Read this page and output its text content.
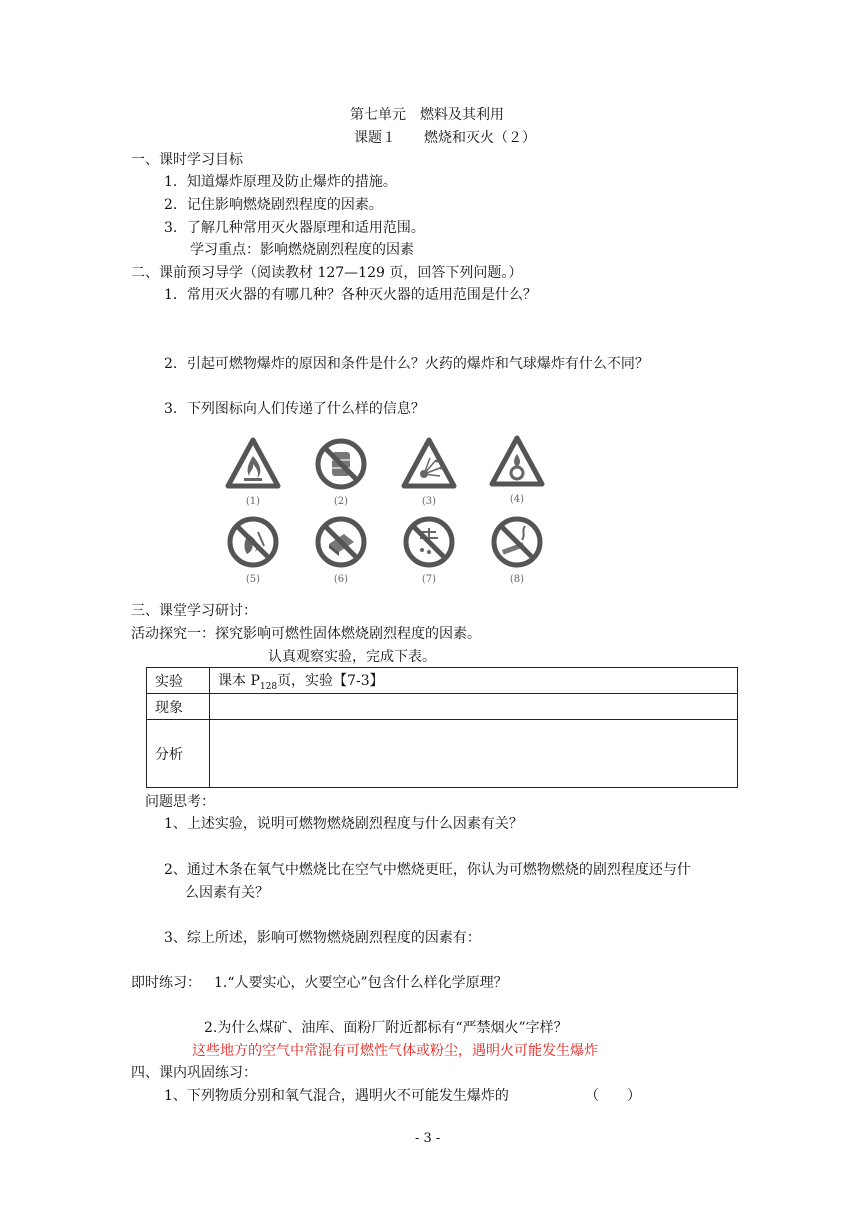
第七单元　燃料及其利用
课题１　　燃烧和灭火（２）
一、课时学习目标
1．知道爆炸原理及防止爆炸的措施。
2．记住影响燃烧剧烈程度的因素。
3．了解几种常用灭火器原理和适用范围。
学习重点：影响燃烧剧烈程度的因素
二、课前预习导学（阅读教材 127—129 页，回答下列问题。）
1．常用灭火器的有哪几种？各种灭火器的适用范围是什么？
2．引起可燃物爆炸的原因和条件是什么？火药的爆炸和气球爆炸有什么不同？
3．下列图标向人们传递了什么样的信息？
(1)	(2)	(3)	(4)
(5)	(6)	(7)	(8)
三、课堂学习研讨：
活动探究一：探究影响可燃性固体燃烧剧烈程度的因素。
认真观察实验，完成下表。
实验	课本 $P_{128}$页，实验【7-3】
现象	
分析	
问题思考：
1、上述实验，说明可燃物燃烧剧烈程度与什么因素有关？
2、通过木条在氧气中燃烧比在空气中燃烧更旺，你认为可燃物燃烧的剧烈程度还与什
么因素有关？
3、综上所述，影响可燃物燃烧剧烈程度的因素有：
即时练习： 1.“人要实心，火要空心”包含什么样化学原理？
2.为什么煤矿、油库、面粉厂附近都标有“严禁烟火”字样？
这些地方的空气中常混有可燃性气体或粉尘，遇明火可能发生爆炸
四、课内巩固练习：
1、下列物质分别和氧气混合，遇明火不可能发生爆炸的	（　　）
- 3 -
